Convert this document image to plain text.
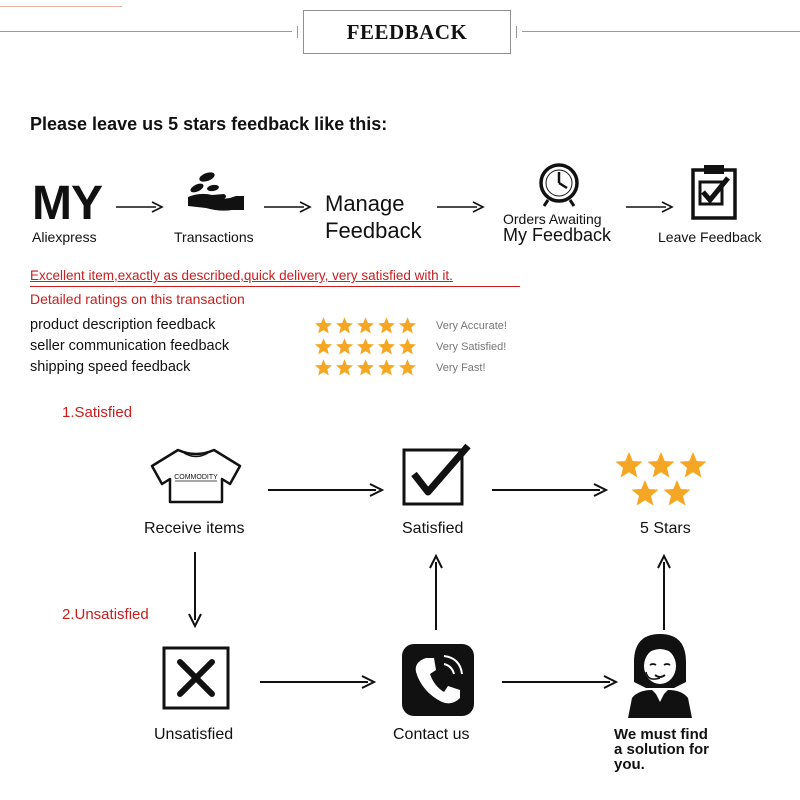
FEEDBACK
Please leave us 5 stars feedback like this:
MY
Aliexpress	Transactions
Manage
Feedback	Orders Awaiting
My Feedback	Leave Feedback
Excellent item,exactly as described,quick delivery, very satisfied with it.
Detailed ratings on this transaction
product description feedback	Very Accurate!
seller communication feedback	Very Satisfied!
shipping speed feedback	Very Fast!
1.Satisfied
COMMODITY
Receive items	Satisfied	5 Stars
2.Unsatisfied
Unsatisfied	Contact us	We must find
a solution for
you.
